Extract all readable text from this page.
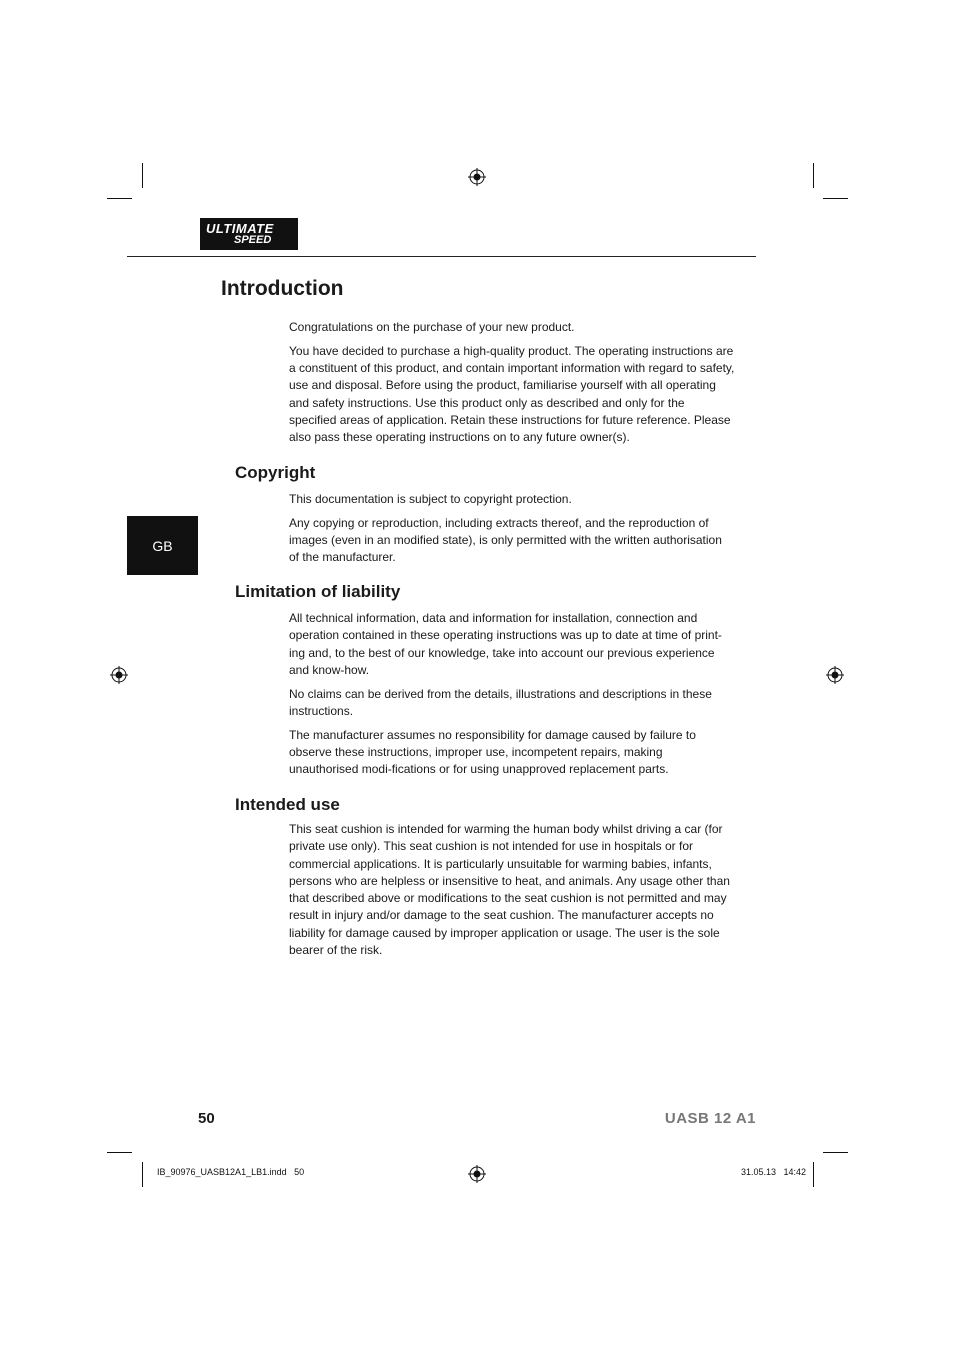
ULTIMATE
SPEED
Introduction

Congratulations on the purchase of your new product.

You have decided to purchase a high-quality product. The operating instructions are a constituent of this product, and contain important information with regard to safety, use and disposal. Before using the product, familiarise yourself with all operating and safety instructions. Use this product only as described and only for the specified areas of application. Retain these instructions for future reference. Please also pass these operating instructions on to any future owner(s).

Copyright

This documentation is subject to copyright protection.

Any copying or reproduction, including extracts thereof, and the reproduction of images (even in an modified state), is only permitted with the written authorisation of the manufacturer.

GB
Limitation of liability

All technical information, data and information for installation, connection and operation contained in these operating instructions was up to date at time of print-ing and, to the best of our knowledge, take into account our previous experience and know-how.

No claims can be derived from the details, illustrations and descriptions in these instructions.

The manufacturer assumes no responsibility for damage caused by failure to observe these instructions, improper use, incompetent repairs, making unauthorised modi-fications or for using unapproved replacement parts.

Intended use

This seat cushion is intended for warming the human body whilst driving a car (for private use only). This seat cushion is not intended for use in hospitals or for commercial applications. It is particularly unsuitable for warming babies, infants, persons who are helpless or insensitive to heat, and animals. Any usage other than that described above or modifications to the seat cushion is not permitted and may result in injury and/or damage to the seat cushion. The manufacturer accepts no liability for damage caused by improper application or usage. The user is the sole bearer of the risk.

50	UASB 12 A1
IB_90976_UASB12A1_LB1.indd   50	31.05.13   14:42
